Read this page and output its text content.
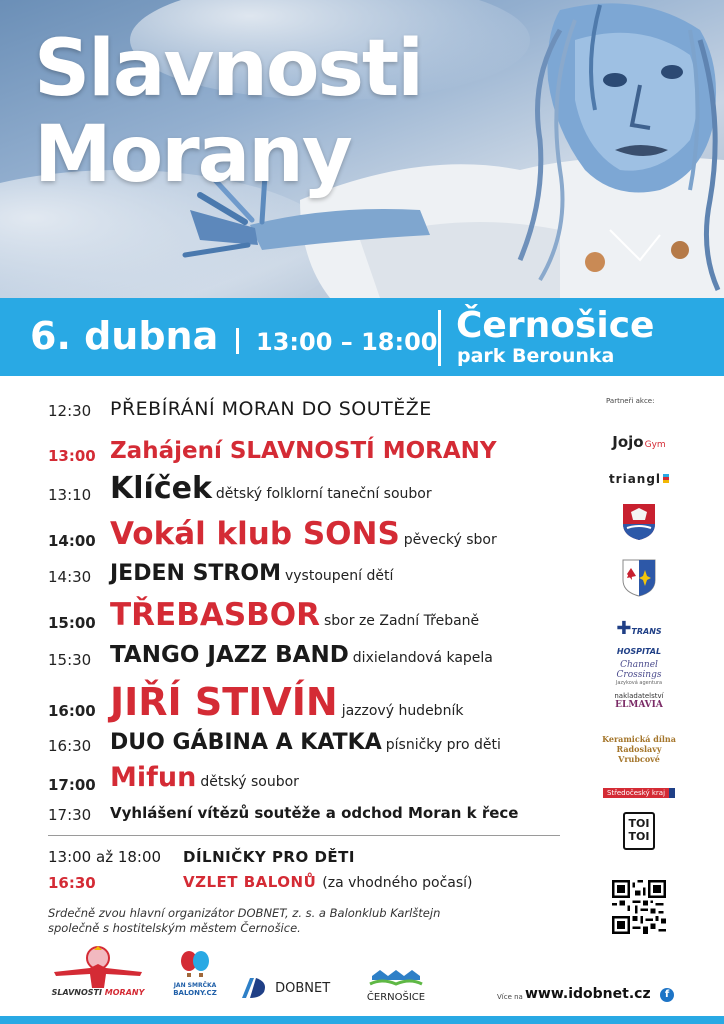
Slavnosti
Morany
6. dubna 13:00 – 18:00 Černošice
park Berounka
12:30 PŘEBÍRÁNÍ MORAN DO SOUTĚŽE
13:00 Zahájení SLAVNOSTÍ MORANY
13:10 Klíček dětský folklorní taneční soubor
14:00 Vokál klub SONS pěvecký sbor
14:30 JEDEN STROM vystoupení dětí
15:00 TŘEBASBOR sbor ze Zadní Třebaně
15:30 TANGO JAZZ BAND dixielandová kapela
16:00 JIŘÍ STIVÍN jazzový hudebník
16:30 DUO GÁBINA A KATKA písničky pro děti
17:00 Mifun dětský soubor
17:30 Vyhlášení vítězů soutěže a odchod Moran k řece
13:00 až 18:00 DÍLNIČKY PRO DĚTI
16:30	VZLET BALONŮ (za vhodného počasí)
Srdečně zvou hlavní organizátor DOBNET, z. s. a Balonklub Karlštejn
společně s hostitelským městem Černošice.
Partneři akce:
JojoGym
triangl
✚TRANS HOSPITAL
Channel Crossings
Jazyková agentura
nakladatelství
ELMAVIA
Keramická dílna
Radoslavy Vrubcové
Středočeský kraj
TOI
TOI
SLAVNOSTI MORANY
JAN SMRČKA
BALONY.CZ	DOBNET
ČERNOŠICE	Více na www.idobnet.cz	f
